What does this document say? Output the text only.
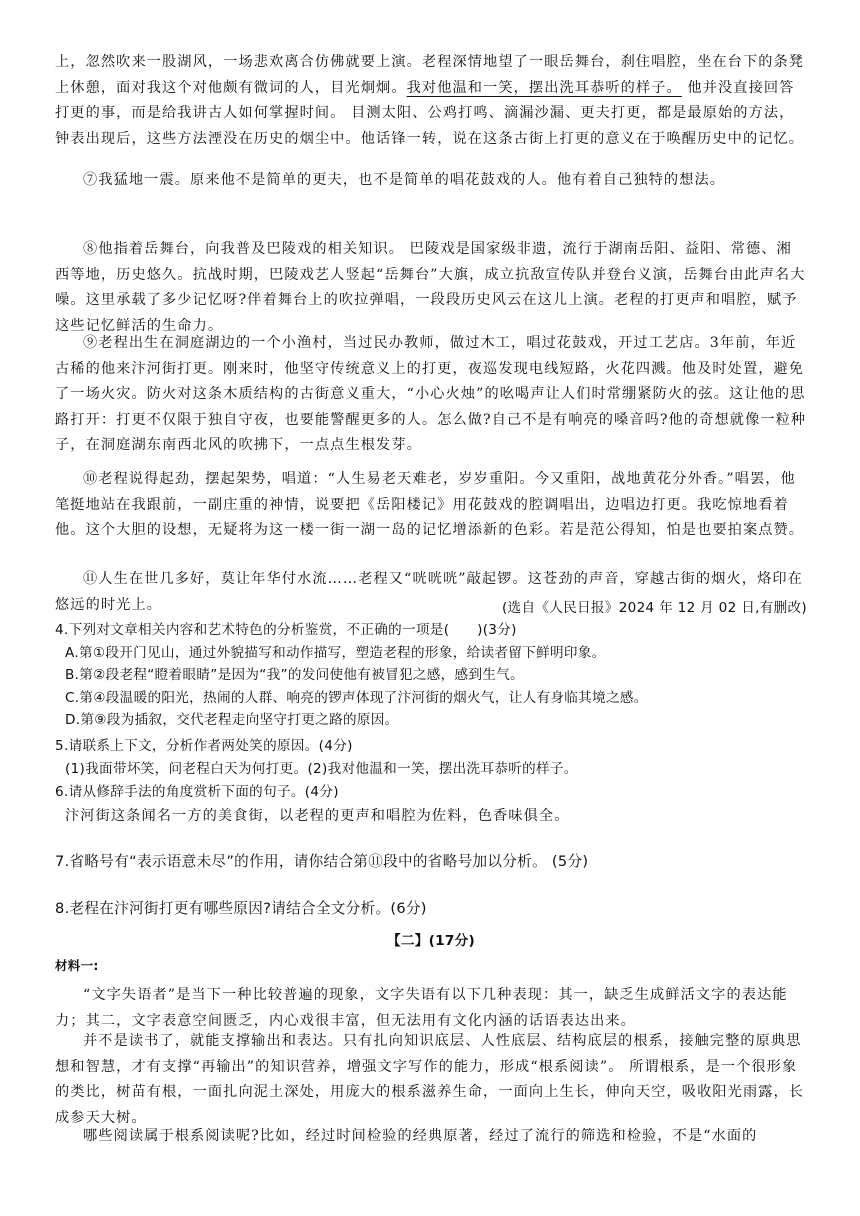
上，忽然吹来一股湖风，一场悲欢离合仿佛就要上演。老程深情地望了一眼岳舞台，刹住唱腔，坐在台下的条凳上休憩，面对我这个对他颇有微词的人，目光炯炯。我对他温和一笑，摆出洗耳恭听的样子。 他并没直接回答打更的事，而是给我讲古人如何掌握时间。 目测太阳、公鸡打鸣、滴漏沙漏、更夫打更，都是最原始的方法，钟表出现后，这些方法湮没在历史的烟尘中。他话锋一转，说在这条古街上打更的意义在于唤醒历史中的记忆。
⑦我猛地一震。原来他不是简单的更夫，也不是简单的唱花鼓戏的人。他有着自己独特的想法。
⑧他指着岳舞台，向我普及巴陵戏的相关知识。 巴陵戏是国家级非遗，流行于湖南岳阳、益阳、常德、湘西等地，历史悠久。抗战时期，巴陵戏艺人竖起“岳舞台”大旗，成立抗敌宣传队并登台义演，岳舞台由此声名大噪。这里承载了多少记忆呀?伴着舞台上的吹拉弹唱，一段段历史风云在这儿上演。老程的打更声和唱腔，赋予这些记忆鲜活的生命力。
⑨老程出生在洞庭湖边的一个小渔村，当过民办教师，做过木工，唱过花鼓戏，开过工艺店。3年前，年近古稀的他来汴河街打更。刚来时，他坚守传统意义上的打更，夜巡发现电线短路，火花四溅。他及时处置，避免了一场火灾。防火对这条木质结构的古街意义重大，“小心火烛”的吆喝声让人们时常绷紧防火的弦。这让他的思路打开：打更不仅限于独自守夜，也要能警醒更多的人。怎么做?自己不是有响亮的嗓音吗?他的奇想就像一粒种子，在洞庭湖东南西北风的吹拂下，一点点生根发芽。
⑩老程说得起劲，摆起架势，唱道：“人生易老天难老，岁岁重阳。今又重阳，战地黄花分外香。”唱罢，他笔挺地站在我跟前，一副庄重的神情，说要把《岳阳楼记》用花鼓戏的腔调唱出，边唱边打更。我吃惊地看着他。这个大胆的设想，无疑将为这一楼一街一湖一岛的记忆增添新的色彩。若是范公得知，怕是也要拍案点赞。
⑪人生在世几多好，莫让年华付水流……老程又“咣咣咣”敲起锣。这苍劲的声音，穿越古街的烟火，烙印在悠远的时光上。	(选自《人民日报》2024 年 12 月 02 日,有删改)
4.下列对文章相关内容和艺术特色的分析鉴赏，不正确的一项是(　　)(3分)
A.第①段开门见山，通过外貌描写和动作描写，塑造老程的形象，给读者留下鲜明印象。
B.第②段老程“瞪着眼睛”是因为“我”的发问使他有被冒犯之感，感到生气。
C.第④段温暖的阳光，热闹的人群、响亮的锣声体现了汴河街的烟火气，让人有身临其境之感。
D.第⑨段为插叙，交代老程走向坚守打更之路的原因。
5.请联系上下文，分析作者两处笑的原因。(4分)
(1)我面带坏笑，问老程白天为何打更。(2)我对他温和一笑，摆出洗耳恭听的样子。
6.请从修辞手法的角度赏析下面的句子。(4分)
汴河街这条闻名一方的美食街，以老程的更声和唱腔为佐料，色香味俱全。
7.省略号有“表示语意未尽”的作用，请你结合第⑪段中的省略号加以分析。 (5分)
8.老程在汴河街打更有哪些原因?请结合全文分析。(6分)
【二】(17分)
材料一:
“文字失语者”是当下一种比较普遍的现象，文字失语有以下几种表现：其一，缺乏生成鲜活文字的表达能力；其二，文字表意空间匮乏，内心戏很丰富，但无法用有文化内涵的话语表达出来。
并不是读书了，就能支撑输出和表达。只有扎向知识底层、人性底层、结构底层的根系，接触完整的原典思想和智慧，才有支撑“再输出”的知识营养，增强文字写作的能力，形成“根系阅读”。 所谓根系，是一个很形象的类比，树苗有根，一面扎向泥土深处，用庞大的根系滋养生命，一面向上生长，伸向天空，吸收阳光雨露，长成参天大树。
哪些阅读属于根系阅读呢?比如，经过时间检验的经典原著，经过了流行的筛选和检验，不是“水面的
